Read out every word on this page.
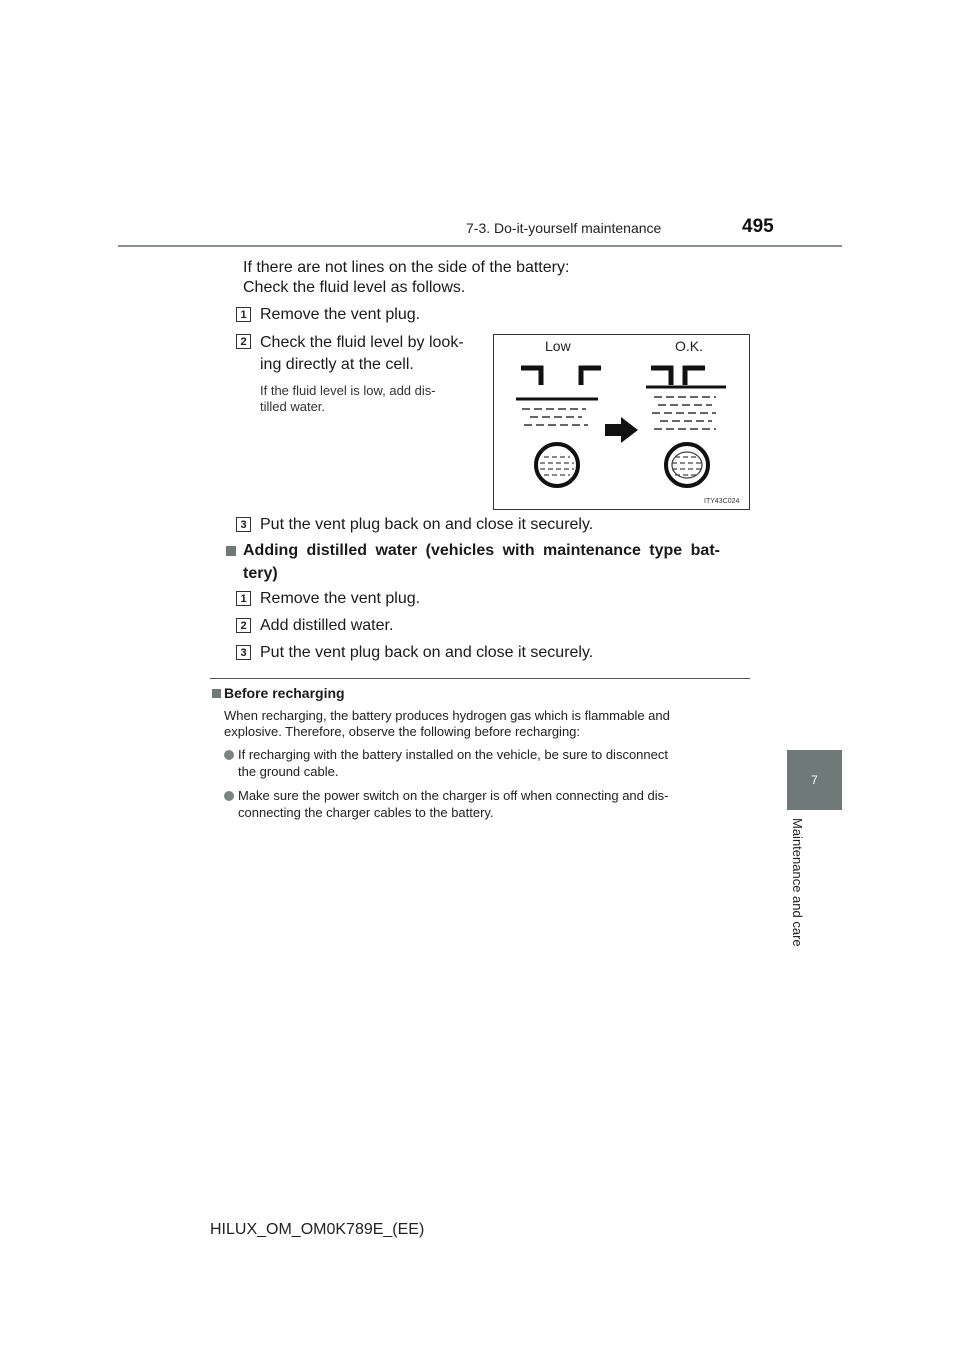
7-3. Do-it-yourself maintenance	495
7
Maintenance and care
If there are not lines on the side of the battery:
Check the fluid level as follows.
1 Remove the vent plug.
2 Check the fluid level by look-
ing directly at the cell.
If the fluid level is low, add dis-
tilled water.
Low	O.K.
ITY43C024
3 Put the vent plug back on and close it securely.
Adding distilled water (vehicles with maintenance type bat-
tery)
1 Remove the vent plug.
2 Add distilled water.
3 Put the vent plug back on and close it securely.
Before recharging
When recharging, the battery produces hydrogen gas which is flammable and
explosive. Therefore, observe the following before recharging:
If recharging with the battery installed on the vehicle, be sure to disconnect
the ground cable.
Make sure the power switch on the charger is off when connecting and dis-
connecting the charger cables to the battery.
HILUX_OM_OM0K789E_(EE)
